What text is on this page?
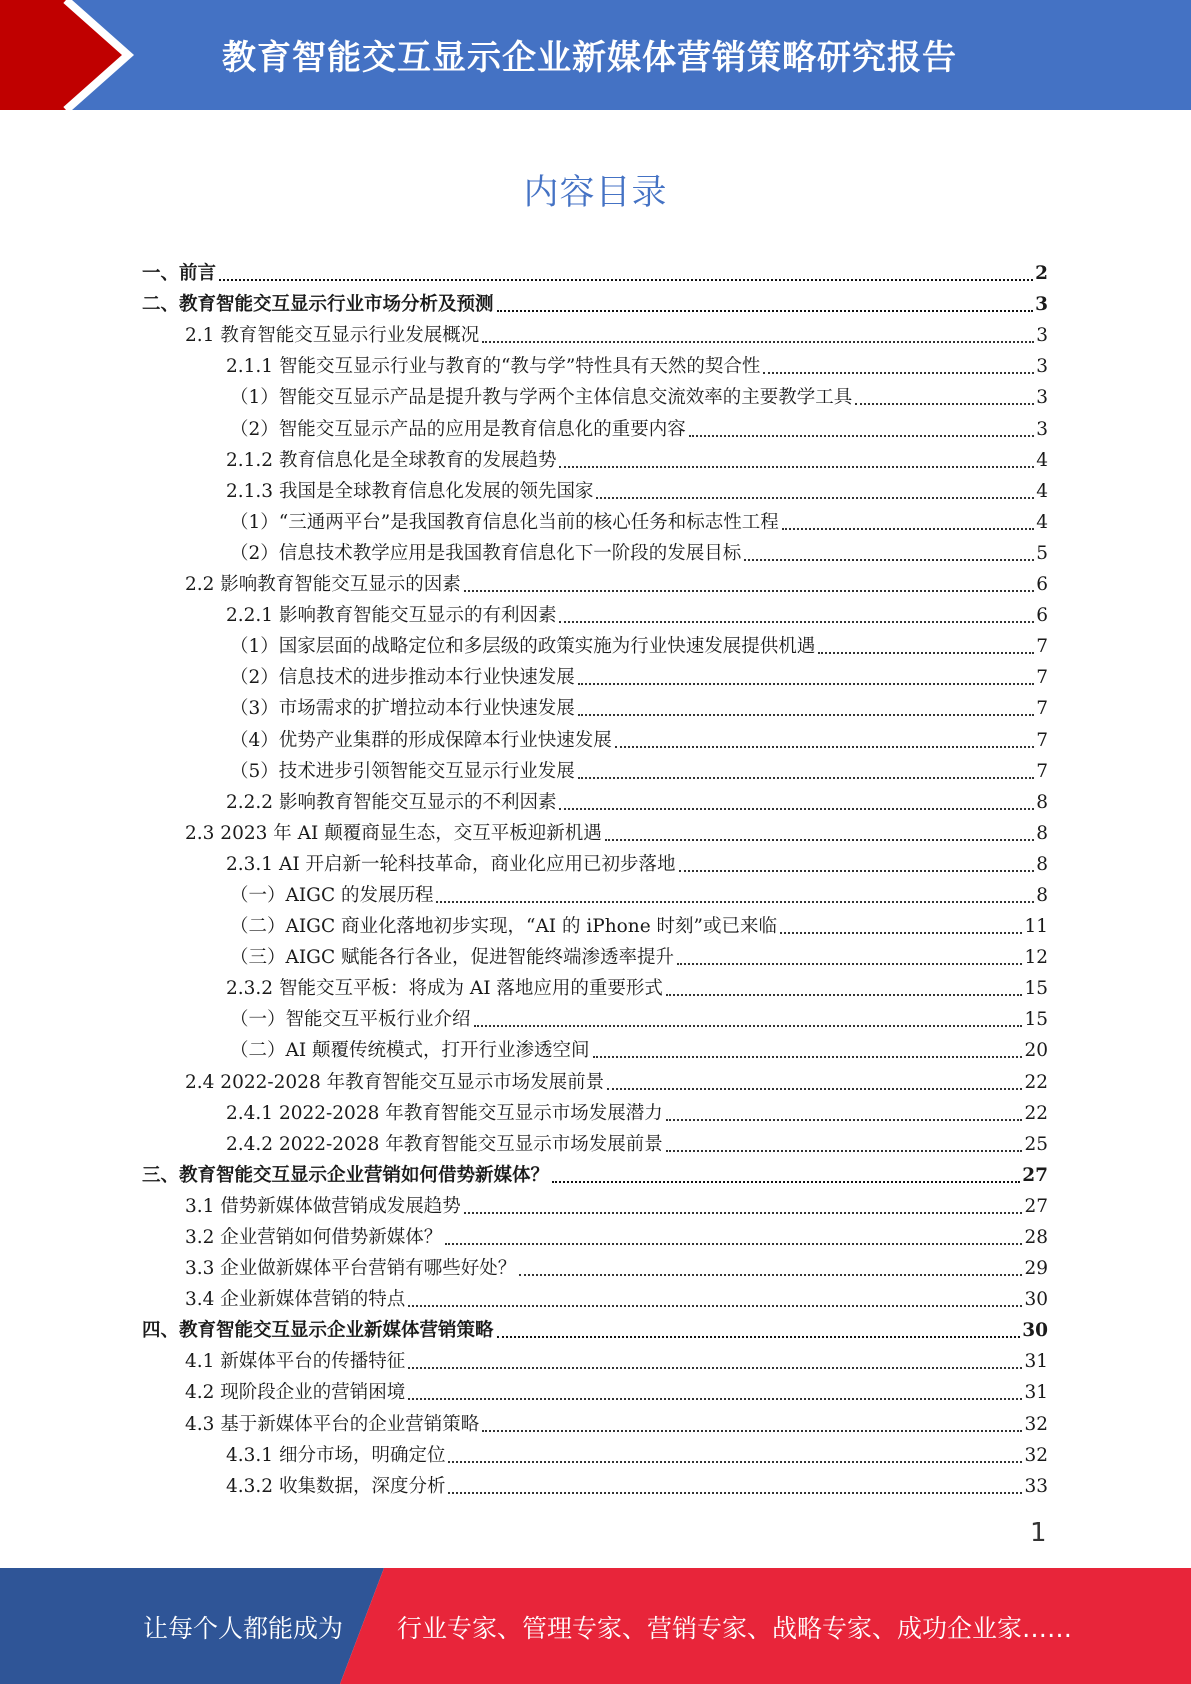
教育智能交互显示企业新媒体营销策略研究报告
内容目录
一、前言	2
二、教育智能交互显示行业市场分析及预测	3
2.1 教育智能交互显示行业发展概况	3
2.1.1 智能交互显示行业与教育的“教与学”特性具有天然的契合性	3
（1）智能交互显示产品是提升教与学两个主体信息交流效率的主要教学工具	3
（2）智能交互显示产品的应用是教育信息化的重要内容	3
2.1.2 教育信息化是全球教育的发展趋势	4
2.1.3 我国是全球教育信息化发展的领先国家	4
（1）“三通两平台”是我国教育信息化当前的核心任务和标志性工程	4
（2）信息技术教学应用是我国教育信息化下一阶段的发展目标	5
2.2 影响教育智能交互显示的因素	6
2.2.1 影响教育智能交互显示的有利因素	6
（1）国家层面的战略定位和多层级的政策实施为行业快速发展提供机遇	7
（2）信息技术的进步推动本行业快速发展	7
（3）市场需求的扩增拉动本行业快速发展	7
（4）优势产业集群的形成保障本行业快速发展	7
（5）技术进步引领智能交互显示行业发展	7
2.2.2 影响教育智能交互显示的不利因素	8
2.3 2023 年 AI 颠覆商显生态，交互平板迎新机遇	8
2.3.1 AI 开启新一轮科技革命，商业化应用已初步落地	8
（一）AIGC 的发展历程	8
（二）AIGC 商业化落地初步实现，“AI 的 iPhone 时刻”或已来临	11
（三）AIGC 赋能各行各业，促进智能终端渗透率提升	12
2.3.2 智能交互平板：将成为 AI 落地应用的重要形式	15
（一）智能交互平板行业介绍	15
（二）AI 颠覆传统模式，打开行业渗透空间	20
2.4 2022-2028 年教育智能交互显示市场发展前景	22
2.4.1 2022-2028 年教育智能交互显示市场发展潜力	22
2.4.2 2022-2028 年教育智能交互显示市场发展前景	25
三、教育智能交互显示企业营销如何借势新媒体？	27
3.1 借势新媒体做营销成发展趋势	27
3.2 企业营销如何借势新媒体？	28
3.3 企业做新媒体平台营销有哪些好处？	29
3.4 企业新媒体营销的特点	30
四、教育智能交互显示企业新媒体营销策略	30
4.1 新媒体平台的传播特征	31
4.2 现阶段企业的营销困境	31
4.3 基于新媒体平台的企业营销策略	32
4.3.1 细分市场，明确定位	32
4.3.2 收集数据，深度分析	33
1
让每个人都能成为 行业专家、管理专家、营销专家、战略专家、成功企业家……
